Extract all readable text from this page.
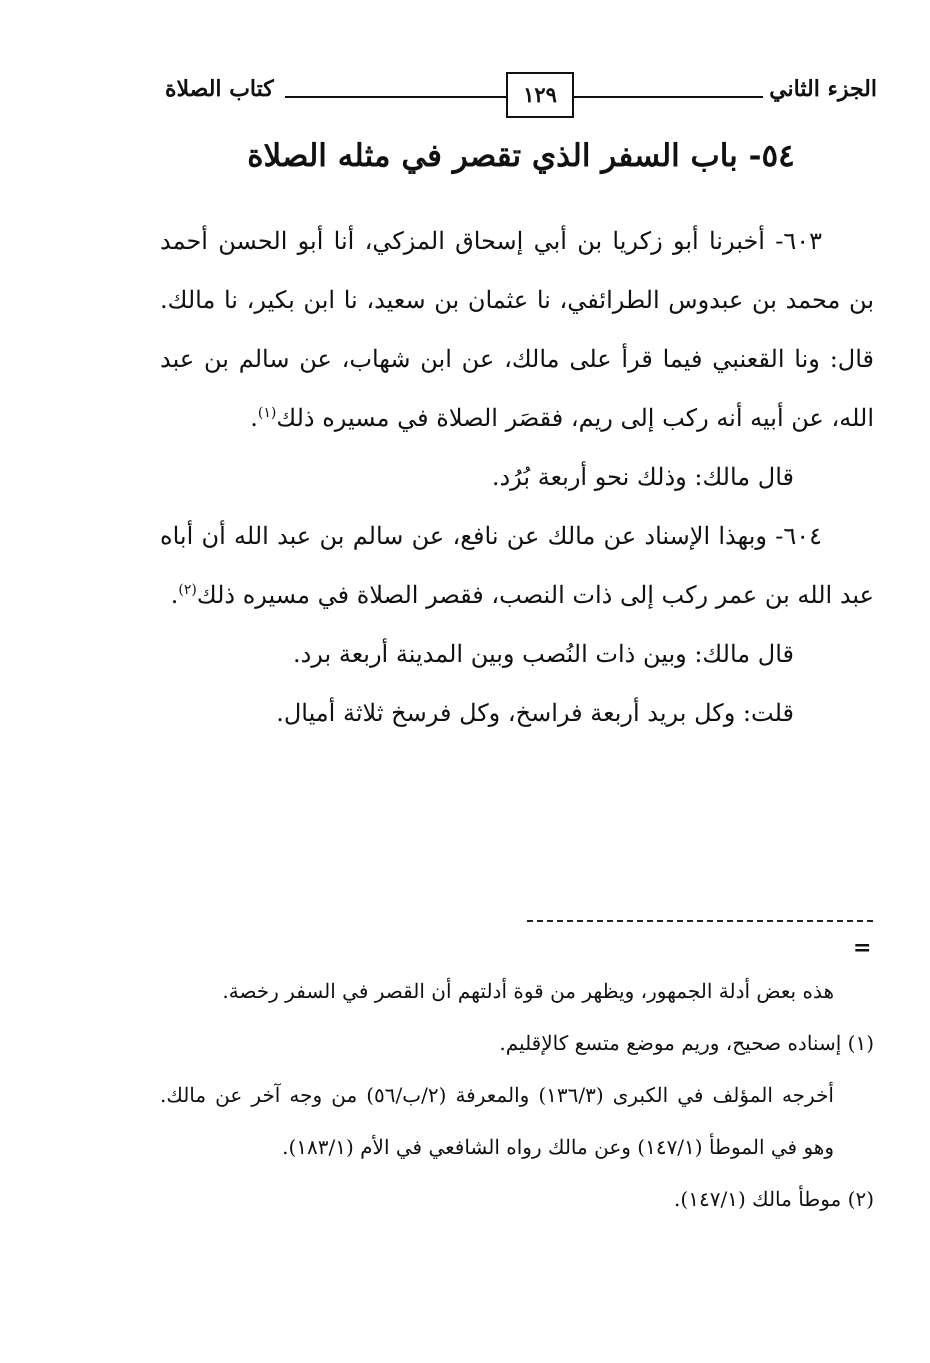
الجزء الثاني
١٢٩
كتاب الصلاة
٥٤- باب السفر الذي تقصر في مثله الصلاة

٦٠٣- أخبرنا أبو زكريا بن أبي إسحاق المزكي، أنا أبو الحسن أحمد بن محمد بن عبدوس الطرائفي، نا عثمان بن سعيد، نا ابن بكير، نا مالك. قال: ونا القعنبي فيما قرأ على مالك، عن ابن شهاب، عن سالم بن عبد الله، عن أبيه أنه ركب إلى ريم، فقصَر الصلاة في مسيره ذلك$^{(١)}$.

قال مالك: وذلك نحو أربعة بُرُد.

٦٠٤- وبهذا الإسناد عن مالك عن نافع، عن سالم بن عبد الله أن أباه عبد الله بن عمر ركب إلى ذات النصب، فقصر الصلاة في مسيره ذلك$^{(٢)}$.

قال مالك: وبين ذات النُصب وبين المدينة أربعة برد.

قلت: وكل بريد أربعة فراسخ، وكل فرسخ ثلاثة أميال.

=

هذه بعض أدلة الجمهور، ويظهر من قوة أدلتهم أن القصر في السفر رخصة.

(١) إسناده صحيح، وريم موضع متسع كالإقليم.

أخرجه المؤلف في الكبرى (١٣٦/٣) والمعرفة (٢/ب/٥٦) من وجه آخر عن مالك. وهو في الموطأ (١٤٧/١) وعن مالك رواه الشافعي في الأم (١٨٣/١).

(٢) موطأ مالك (١٤٧/١).
